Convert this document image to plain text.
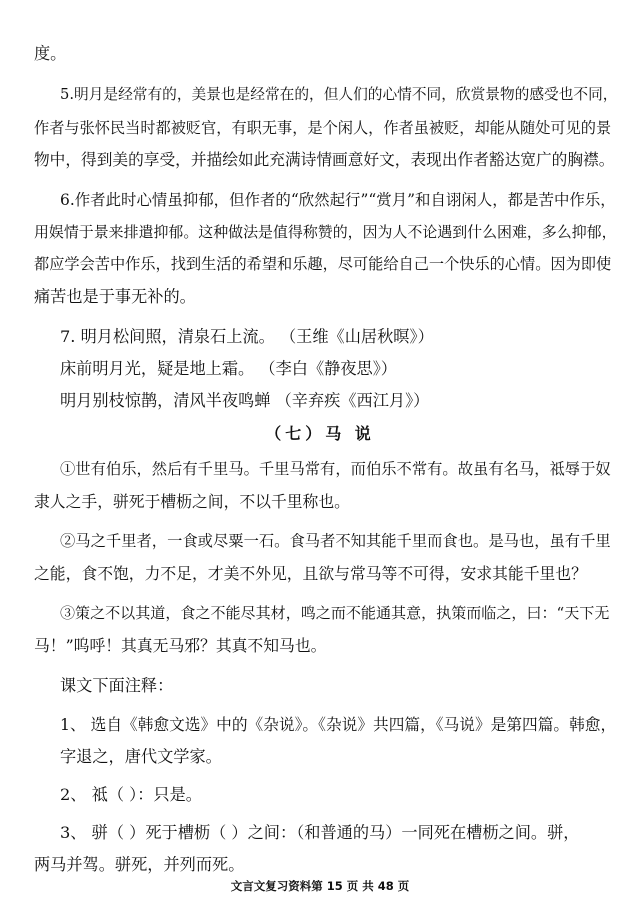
度。
5.明月是经常有的，美景也是经常在的，但人们的心情不同，欣赏景物的感受也不同，
作者与张怀民当时都被贬官，有职无事，是个闲人，作者虽被贬，却能从随处可见的景
物中，得到美的享受，并描绘如此充满诗情画意好文，表现出作者豁达宽广的胸襟。
6.作者此时心情虽抑郁，但作者的“欣然起行”“赏月”和自诩闲人，都是苦中作乐，
用娱情于景来排遣抑郁。这种做法是值得称赞的，因为人不论遇到什么困难，多么抑郁，
都应学会苦中作乐，找到生活的希望和乐趣，尽可能给自己一个快乐的心情。因为即使
痛苦也是于事无补的。
7. 明月松间照，清泉石上流。 （王维《山居秋暝》）
床前明月光，疑是地上霜。 （李白《静夜思》）
明月别枝惊鹊，清风半夜鸣蝉 （辛弃疾《西江月》）
（七）马 说
①世有伯乐，然后有千里马。千里马常有，而伯乐不常有。故虽有名马，祗辱于奴
隶人之手，骈死于槽枥之间，不以千里称也。
②马之千里者，一食或尽粟一石。食马者不知其能千里而食也。是马也，虽有千里
之能，食不饱，力不足，才美不外见，且欲与常马等不可得，安求其能千里也？
③策之不以其道，食之不能尽其材，鸣之而不能通其意，执策而临之，曰：“天下无
马！”呜呼！其真无马邪？其真不知马也。
课文下面注释：
1、 选自《韩愈文选》中的《杂说》。《杂说》共四篇，《马说》是第四篇。韩愈，
字退之，唐代文学家。
2、 祗（ ）：只是。
3、 骈（ ）死于槽枥（ ）之间：（和普通的马）一同死在槽枥之间。骈，
两马并驾。骈死，并列而死。
文言文复习资料第 15 页 共 48 页
